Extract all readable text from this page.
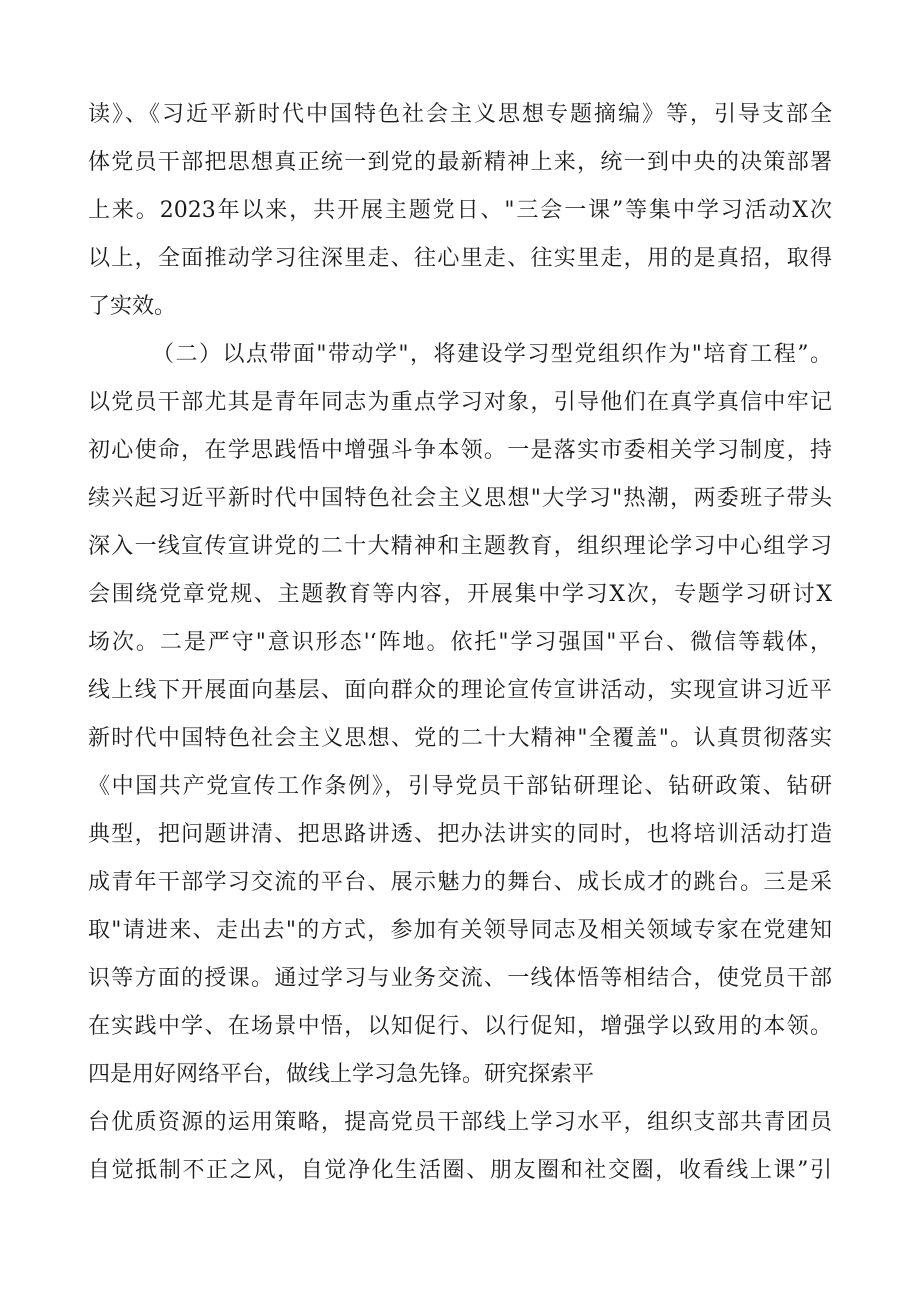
读》、《习近平新时代中国特色社会主义思想专题摘编》等，引导支部全
体党员干部把思想真正统一到党的最新精神上来，统一到中央的决策部署
上来。2023年以来，共开展主题党日、"三会一课”等集中学习活动X次
以上，全面推动学习往深里走、往心里走、往实里走，用的是真招，取得
了实效。
（二）以点带面"带动学"，将建设学习型党组织作为"培育工程”。
以党员干部尤其是青年同志为重点学习对象，引导他们在真学真信中牢记
初心使命，在学思践悟中增强斗争本领。一是落实市委相关学习制度，持
续兴起习近平新时代中国特色社会主义思想"大学习"热潮，两委班子带头
深入一线宣传宣讲党的二十大精神和主题教育，组织理论学习中心组学习
会围绕党章党规、主题教育等内容，开展集中学习X次，专题学习研讨X
场次。二是严守"意识形态'‘阵地。依托"学习强国"平台、微信等载体，
线上线下开展面向基层、面向群众的理论宣传宣讲活动，实现宣讲习近平
新时代中国特色社会主义思想、党的二十大精神"全覆盖"。认真贯彻落实
《中国共产党宣传工作条例》，引导党员干部钻研理论、钻研政策、钻研
典型，把问题讲清、把思路讲透、把办法讲实的同时，也将培训活动打造
成青年干部学习交流的平台、展示魅力的舞台、成长成才的跳台。三是采
取"请进来、走出去"的方式，参加有关领导同志及相关领域专家在党建知
识等方面的授课。通过学习与业务交流、一线体悟等相结合，使党员干部
在实践中学、在场景中悟，以知促行、以行促知，增强学以致用的本领。
四是用好网络平台，做线上学习急先锋。研究探索平
台优质资源的运用策略，提高党员干部线上学习水平，组织支部共青团员
自觉抵制不正之风，自觉净化生活圈、朋友圈和社交圈，收看线上课”引
